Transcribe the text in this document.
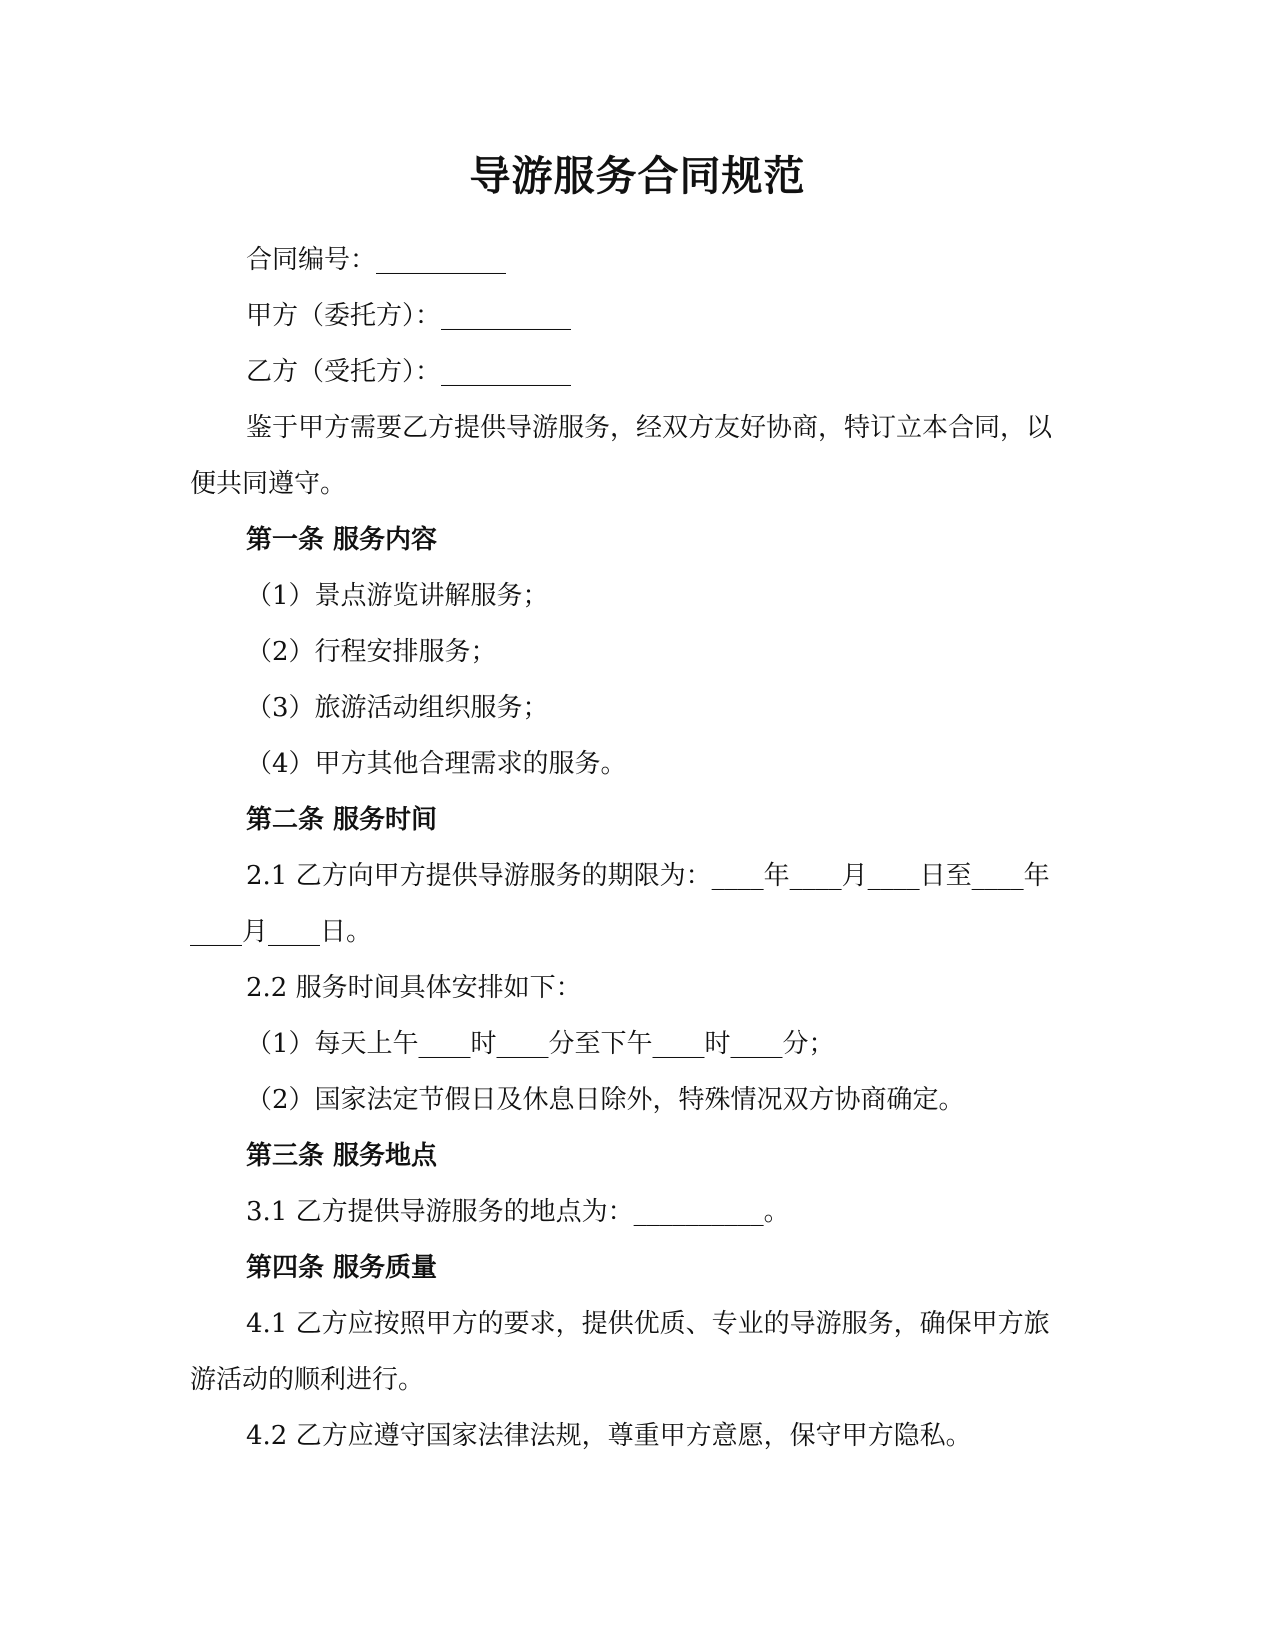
导游服务合同规范

合同编号：__________

甲方（委托方）：__________

乙方（受托方）：__________

鉴于甲方需要乙方提供导游服务，经双方友好协商，特订立本合同，以便共同遵守。

第一条 服务内容

（1）景点游览讲解服务；

（2）行程安排服务；

（3）旅游活动组织服务；

（4）甲方其他合理需求的服务。

第二条 服务时间

2.1 乙方向甲方提供导游服务的期限为：____年____月____日至____年____月____日。

2.2 服务时间具体安排如下：

（1）每天上午____时____分至下午____时____分；

（2）国家法定节假日及休息日除外，特殊情况双方协商确定。

第三条 服务地点

3.1 乙方提供导游服务的地点为：__________。

第四条 服务质量

4.1 乙方应按照甲方的要求，提供优质、专业的导游服务，确保甲方旅游活动的顺利进行。

4.2 乙方应遵守国家法律法规，尊重甲方意愿，保守甲方隐私。
